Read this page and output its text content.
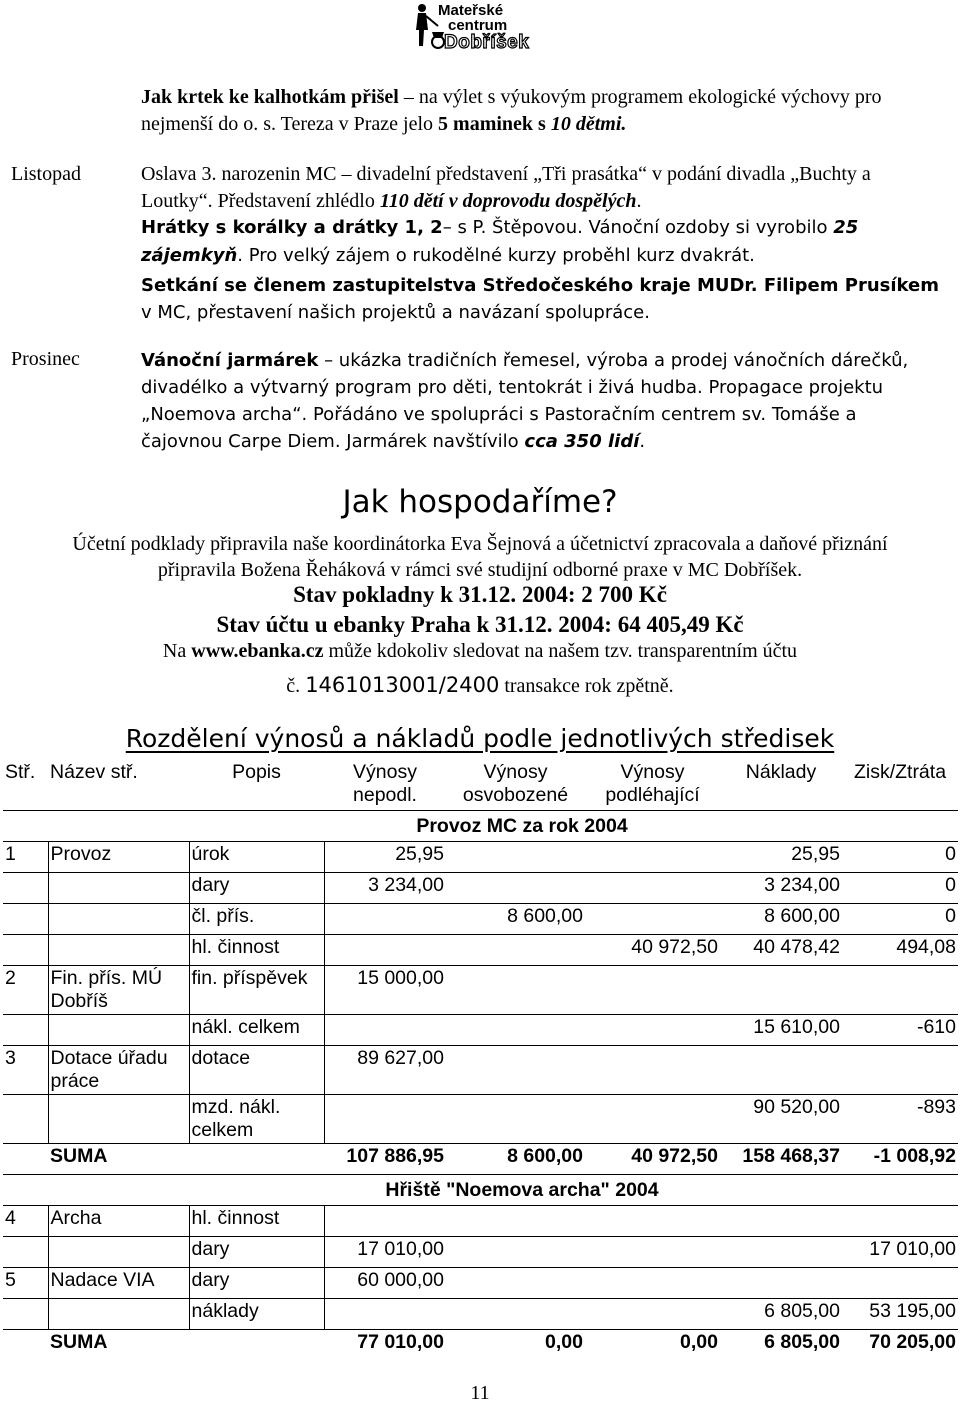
Mateřské
centrum
Dobříšek
Jak krtek ke kalhotkám přišel – na výlet s výukovým programem ekologické výchovy pro nejmenší do o. s. Tereza v Praze jelo 5 maminek s 10 dětmi.
Listopad	Oslava 3. narozenin MC – divadelní představení „Tři prasátka“ v podání divadla „Buchty a Loutky“. Představení zhlédlo 110 dětí v doprovodu dospělých.
Hrátky s korálky a drátky 1, 2– s P. Štěpovou. Vánoční ozdoby si vyrobilo 25 zájemkyň. Pro velký zájem o rukodělné kurzy proběhl kurz dvakrát.
Setkání se členem zastupitelstva Středočeského kraje MUDr. Filipem Prusíkem v MC, přestavení našich projektů a navázaní spolupráce.
Prosinec	Vánoční jarmárek – ukázka tradičních řemesel, výroba a prodej vánočních dárečků, divadélko a výtvarný program pro děti, tentokrát i živá hudba. Propagace projektu „Noemova archa“. Pořádáno ve spolupráci s Pastoračním centrem sv. Tomáše a čajovnou Carpe Diem. Jarmárek navštívilo cca 350 lidí.
Jak hospodaříme?
Účetní podklady připravila naše koordinátorka Eva Šejnová a účetnictví zpracovala a daňové přiznání připravila Božena Řeháková v rámci své studijní odborné praxe v MC Dobříšek.
Stav pokladny k 31.12. 2004: 2 700 Kč
Stav účtu u ebanky Praha k 31.12. 2004: 64 405,49 Kč
Na www.ebanka.cz může kdokoliv sledovat na našem tzv. transparentním účtu
č. 1461013001/2400 transakce rok zpětně.
Rozdělení výnosů a nákladů podle jednotlivých středisek
Stř.	Název stř.	Popis	Výnosy nepodl.	Výnosy osvobozené	Výnosy podléhající	Náklady	Zisk/Ztráta
			Provoz MC za rok 2004				
1	Provoz	úrok	25,95			25,95	0
		dary	3 234,00			3 234,00	0
		čl. přís.		8 600,00		8 600,00	0
		hl. činnost			40 972,50	40 478,42	494,08
2	Fin. přís. MÚ Dobříš	fin. příspěvek	15 000,00				
		nákl. celkem				15 610,00	-610
3	Dotace úřadu práce	dotace	89 627,00				
		mzd. nákl. celkem				90 520,00	-893
	SUMA		107 886,95	8 600,00	40 972,50	158 468,37	-1 008,92
			Hřiště "Noemova archa" 2004				
4	Archa	hl. činnost					
		dary	17 010,00				17 010,00
5	Nadace VIA	dary	60 000,00				
		náklady				6 805,00	53 195,00
	SUMA		77 010,00	0,00	0,00	6 805,00	70 205,00
11
